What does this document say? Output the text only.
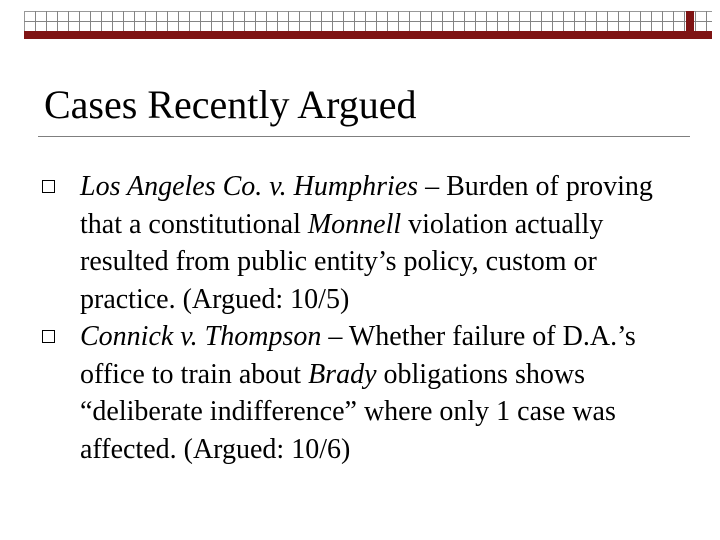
Cases Recently Argued
Los Angeles Co. v. Humphries – Burden of proving that a constitutional Monnell violation actually resulted from public entity’s policy, custom or practice. (Argued: 10/5)
Connick v. Thompson – Whether failure of D.A.’s office to train about Brady obligations shows “deliberate indifference” where only 1 case was affected. (Argued: 10/6)
